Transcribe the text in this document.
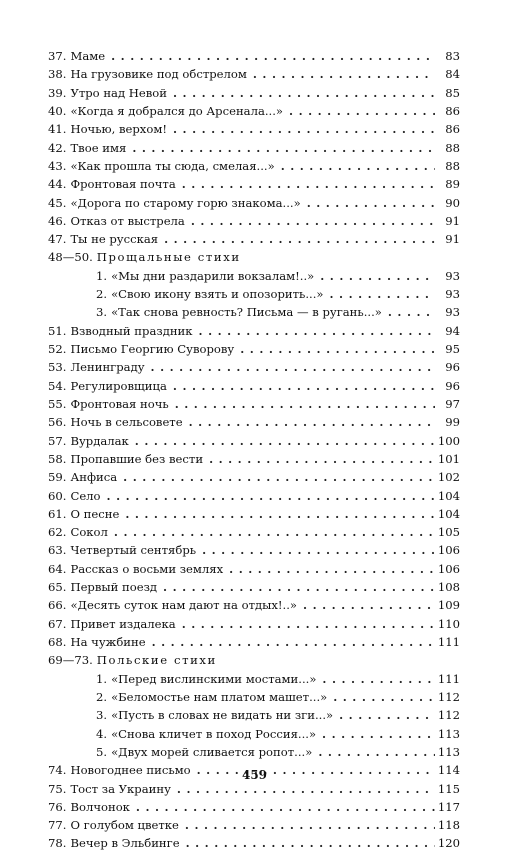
37. Маме .....	83
38. На грузовике под обстрелом .....	84
39. Утро над Невой .....	85
40. «Когда я добрался до Арсенала...» .....	86
41. Ночью, верхом! .....	86
42. Твое имя .....	88
43. «Как прошла ты сюда, смелая...» .....	88
44. Фронтовая почта .....	89
45. «Дорога по старому горю знакома...» .....	90
46. Отказ от выстрела .....	91
47. Ты не русская .....	91
48—50. Прощальные стихи
1. «Мы дни раздарили вокзалам!..» .....	93
2. «Свою икону взять и опозорить...» .....	93
3. «Так снова ревность? Письма — в ругань...» .....	93
51. Взводный праздник .....	94
52. Письмо Георгию Суворову .....	95
53. Ленинграду .....	96
54. Регулировщица .....	96
55. Фронтовая ночь .....	97
56. Ночь в сельсовете .....	99
57. Вурдалак .....	100
58. Пропавшие без вести .....	101
59. Анфиса .....	102
60. Село .....	104
61. О песне .....	104
62. Сокол .....	105
63. Четвертый сентябрь .....	106
64. Рассказ о восьми землях .....	106
65. Первый поезд .....	108
66. «Десять суток нам дают на отдых!..» .....	109
67. Привет издалека .....	110
68. На чужбине .....	111
69—73. Польские стихи
1. «Перед вислинскими мостами...» .....	111
2. «Беломостье нам платом машет...» .....	112
3. «Пусть в словах не видать ни зги...» .....	112
4. «Снова кличет в поход Россия...» .....	113
5. «Двух морей сливается ропот...» .....	113
74. Новогоднее письмо .....	114
75. Тост за Украину .....	115
76. Волчонок .....	117
77. О голубом цветке .....	118
78. Вечер в Эльбинге .....	120
459
